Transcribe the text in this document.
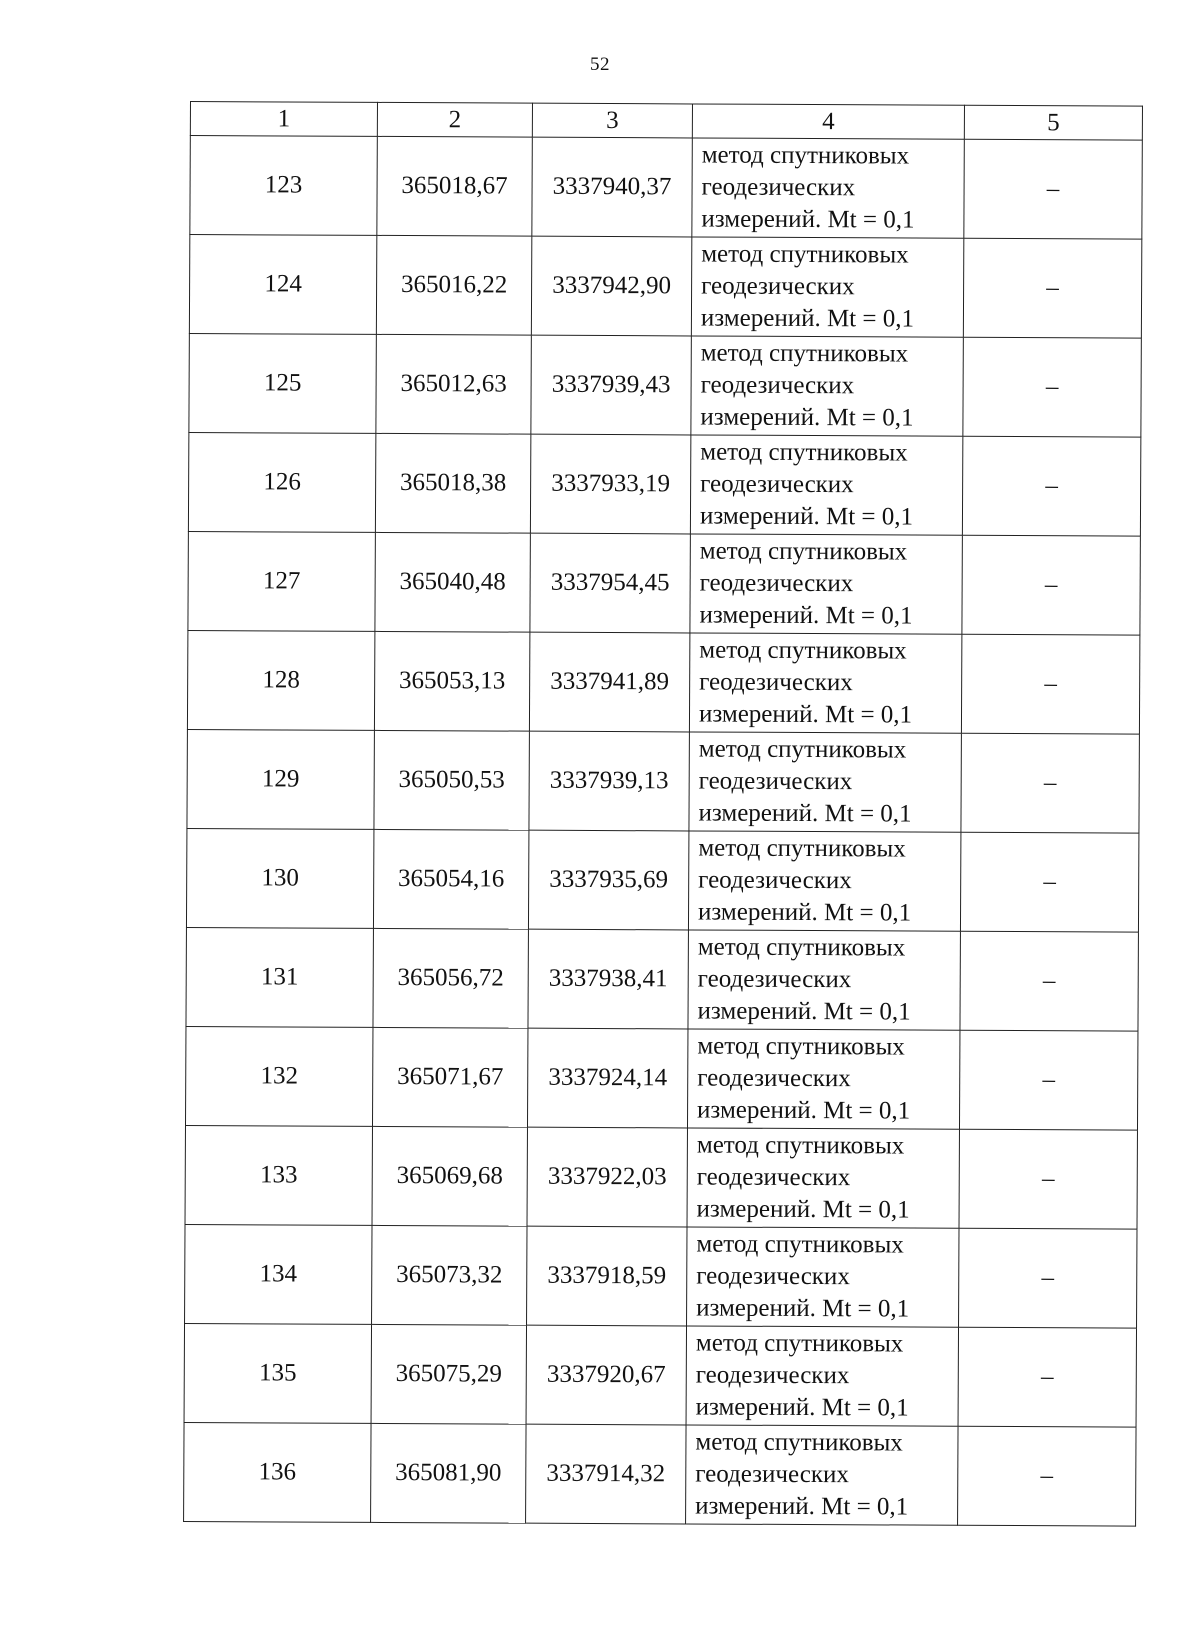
52
1	2	3	4	5
123	365018,67	3337940,37	метод спутниковых
геодезических
измерений. Mt = 0,1	–
124	365016,22	3337942,90	метод спутниковых
геодезических
измерений. Mt = 0,1	–
125	365012,63	3337939,43	метод спутниковых
геодезических
измерений. Mt = 0,1	–
126	365018,38	3337933,19	метод спутниковых
геодезических
измерений. Mt = 0,1	–
127	365040,48	3337954,45	метод спутниковых
геодезических
измерений. Mt = 0,1	–
128	365053,13	3337941,89	метод спутниковых
геодезических
измерений. Mt = 0,1	–
129	365050,53	3337939,13	метод спутниковых
геодезических
измерений. Mt = 0,1	–
130	365054,16	3337935,69	метод спутниковых
геодезических
измерений. Mt = 0,1	–
131	365056,72	3337938,41	метод спутниковых
геодезических
измерений. Mt = 0,1	–
132	365071,67	3337924,14	метод спутниковых
геодезических
измерений. Mt = 0,1	–
133	365069,68	3337922,03	метод спутниковых
геодезических
измерений. Mt = 0,1	–
134	365073,32	3337918,59	метод спутниковых
геодезических
измерений. Mt = 0,1	–
135	365075,29	3337920,67	метод спутниковых
геодезических
измерений. Mt = 0,1	–
136	365081,90	3337914,32	метод спутниковых
геодезических
измерений. Mt = 0,1	–
